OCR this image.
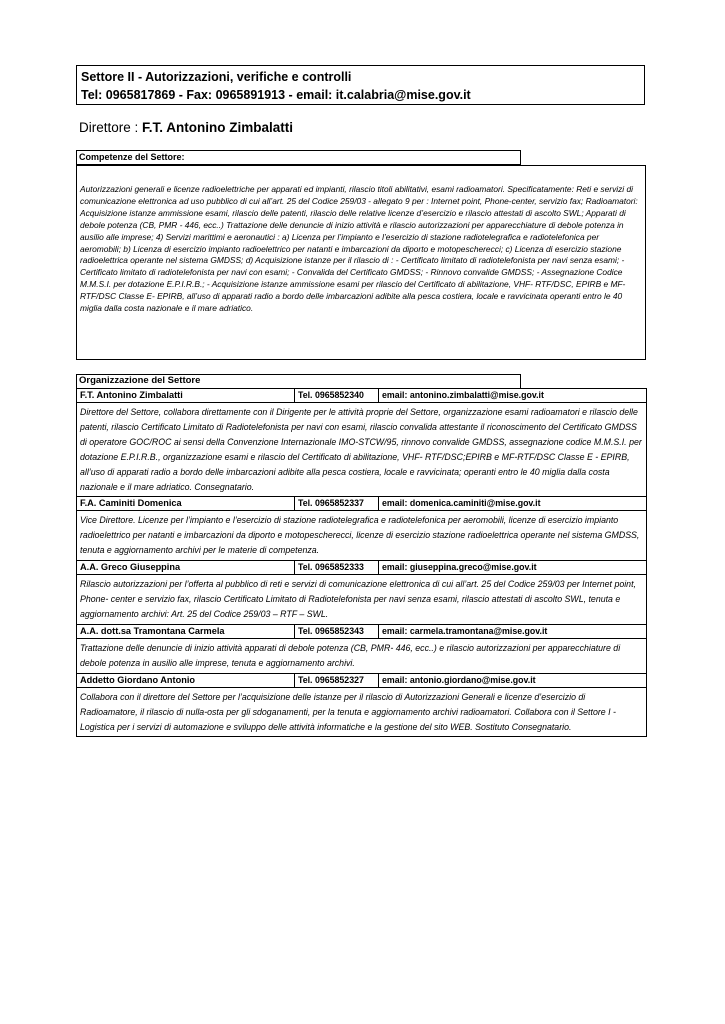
Settore II - Autorizzazioni, verifiche e controlli
Tel: 0965817869 - Fax: 0965891913 - email: it.calabria@mise.gov.it
Direttore : F.T. Antonino Zimbalatti
Competenze del Settore:
Autorizzazioni generali e licenze radioelettriche per apparati ed impianti, rilascio titoli abilitativi, esami radioamatori. Specificatamente: Reti e servizi di comunicazione elettronica ad uso pubblico di cui all’art. 25 del Codice 259/03 - allegato 9 per : Internet point, Phone-center, servizio fax; Radioamatori: Acquisizione istanze ammissione esami, rilascio delle patenti, rilascio delle relative licenze d’esercizio e rilascio attestati di ascolto SWL; Apparati di debole potenza (CB, PMR - 446, ecc..) Trattazione delle denuncie di inizio attività e rilascio autorizzazioni per apparecchiature di debole potenza in ausilio alle imprese; 4) Servizi marittimi e aeronautici : a) Licenza per l’impianto e l’esercizio di stazione radiotelegrafica e radiotelefonica per aeromobili; b) Licenza di esercizio impianto radioelettrico per natanti e imbarcazioni da diporto e motopescherecci; c) Licenza di esercizio stazione radioelettrica operante nel sistema GMDSS; d) Acquisizione istanze per il rilascio di : - Certificato limitato di radiotelefonista per navi senza esami; - Certificato limitato di radiotelefonista per navi con esami; - Convalida del Certificato GMDSS; - Rinnovo convalide GMDSS; - Assegnazione Codice M.M.S.I. per dotazione E.P.I.R.B.; - Acquisizione istanze ammissione esami per rilascio del Certificato di abilitazione, VHF- RTF/DSC, EPIRB e MF-RTF/DSC Classe E- EPIRB, all’uso di apparati radio a bordo delle imbarcazioni adibite alla pesca costiera, locale e ravvicinata operanti entro le 40 miglia dalla costa nazionale e il mare adriatico.
Organizzazione del Settore
F.T. Antonino Zimbalatti	Tel. 0965852340	email: antonino.zimbalatti@mise.gov.it
Direttore del Settore, collabora direttamente con il Dirigente per le attività proprie del Settore, organizzazione esami radioamatori e rilascio delle patenti, rilascio Certificato Limitato di Radiotelefonista per navi con esami, rilascio convalida attestante il riconoscimento del Certificato GMDSS di operatore GOC/ROC ai sensi della Convenzione Internazionale IMO-STCW/95, rinnovo convalide GMDSS, assegnazione codice M.M.S.I. per dotazione E.P.I.R.B., organizzazione esami e rilascio del Certificato di abilitazione, VHF- RTF/DSC;EPIRB e MF-RTF/DSC Classe E - EPIRB, all’uso di apparati radio a bordo delle imbarcazioni adibite alla pesca costiera, locale e ravvicinata; operanti entro le 40 miglia dalla costa nazionale e il mare adriatico. Consegnatario.		
F.A. Caminiti Domenica	Tel. 0965852337	email: domenica.caminiti@mise.gov.it
Vice Direttore. Licenze per l’impianto e l’esercizio di stazione radiotelegrafica e radiotelefonica per aeromobili, licenze di esercizio impianto radioelettrico per natanti e imbarcazioni da diporto e motopescherecci, licenze di esercizio stazione radioelettrica operante nel sistema GMDSS, tenuta e aggiornamento archivi per le materie di competenza.		
A.A. Greco Giuseppina	Tel. 0965852333	email: giuseppina.greco@mise.gov.it
Rilascio autorizzazioni per l’offerta al pubblico di reti e servizi di comunicazione elettronica di cui all’art. 25 del Codice 259/03 per Internet point, Phone- center e servizio fax, rilascio Certificato Limitato di Radiotelefonista per navi senza esami, rilascio attestati di ascolto SWL, tenuta e aggiornamento archivi: Art. 25 del Codice 259/03 – RTF – SWL.		
A.A. dott.sa Tramontana Carmela	Tel. 0965852343	email: carmela.tramontana@mise.gov.it
Trattazione delle denuncie di inizio attività apparati di debole potenza (CB, PMR- 446, ecc..) e rilascio autorizzazioni per apparecchiature di debole potenza in ausilio alle imprese, tenuta e aggiornamento archivi.		
Addetto Giordano Antonio	Tel. 0965852327	email: antonio.giordano@mise.gov.it
Collabora con il direttore del Settore per l’acquisizione delle istanze per il rilascio di Autorizzazioni Generali e licenze d’esercizio di Radioamatore, il rilascio di nulla-osta per gli sdoganamenti, per la tenuta e aggiornamento archivi radioamatori. Collabora con il Settore I - Logistica per i servizi di automazione e sviluppo delle attività informatiche e la gestione del sito WEB. Sostituto Consegnatario.		
